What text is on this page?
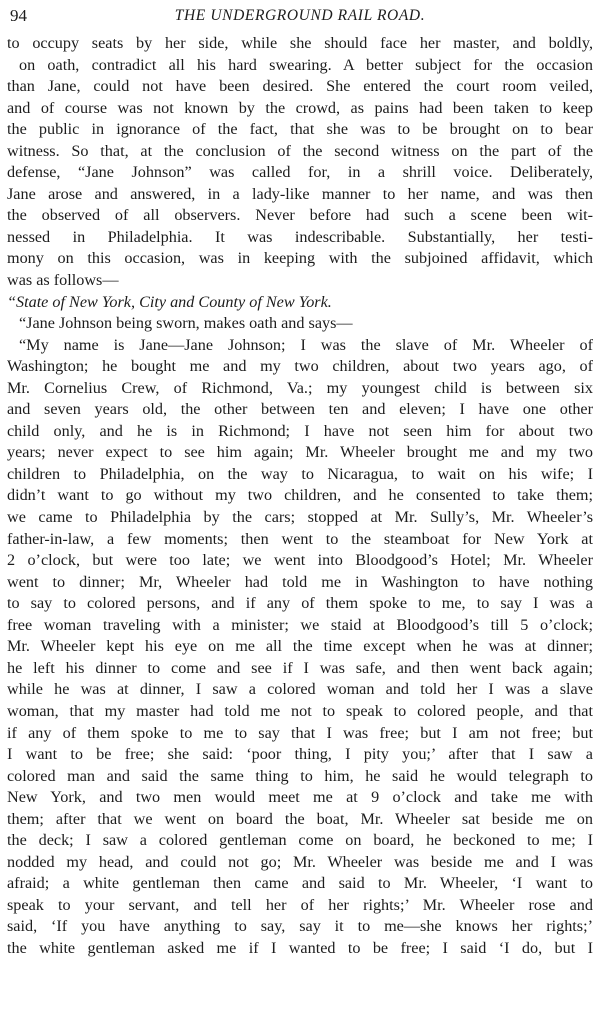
94	THE UNDERGROUND RAIL ROAD.
to occupy seats by her side, while she should face her master, and boldly,
on oath, contradict all his hard swearing. A better subject for the occasion
than Jane, could not have been desired. She entered the court room veiled,
and of course was not known by the crowd, as pains had been taken to keep
the public in ignorance of the fact, that she was to be brought on to bear
witness. So that, at the conclusion of the second witness on the part of the
defense, “Jane Johnson” was called for, in a shrill voice. Deliberately,
Jane arose and answered, in a lady-like manner to her name, and was then
the observed of all observers. Never before had such a scene been wit-
nessed in Philadelphia. It was indescribable. Substantially, her testi-
mony on this occasion, was in keeping with the subjoined affidavit, which
was as follows—
“State of New York, City and County of New York.
“Jane Johnson being sworn, makes oath and says—
“My name is Jane—Jane Johnson; I was the slave of Mr. Wheeler of
Washington; he bought me and my two children, about two years ago, of
Mr. Cornelius Crew, of Richmond, Va.; my youngest child is between six
and seven years old, the other between ten and eleven; I have one other
child only, and he is in Richmond; I have not seen him for about two
years; never expect to see him again; Mr. Wheeler brought me and my two
children to Philadelphia, on the way to Nicaragua, to wait on his wife; I
didn’t want to go without my two children, and he consented to take them;
we came to Philadelphia by the cars; stopped at Mr. Sully’s, Mr. Wheeler’s
father-in-law, a few moments; then went to the steamboat for New York at
2 o’clock, but were too late; we went into Bloodgood’s Hotel; Mr. Wheeler
went to dinner; Mr, Wheeler had told me in Washington to have nothing
to say to colored persons, and if any of them spoke to me, to say I was a
free woman traveling with a minister; we staid at Bloodgood’s till 5 o’clock;
Mr. Wheeler kept his eye on me all the time except when he was at dinner;
he left his dinner to come and see if I was safe, and then went back again;
while he was at dinner, I saw a colored woman and told her I was a slave
woman, that my master had told me not to speak to colored people, and that
if any of them spoke to me to say that I was free; but I am not free; but
I want to be free; she said: ‘poor thing, I pity you;’ after that I saw a
colored man and said the same thing to him, he said he would telegraph to
New York, and two men would meet me at 9 o’clock and take me with
them; after that we went on board the boat, Mr. Wheeler sat beside me on
the deck; I saw a colored gentleman come on board, he beckoned to me; I
nodded my head, and could not go; Mr. Wheeler was beside me and I was
afraid; a white gentleman then came and said to Mr. Wheeler, ‘I want to
speak to your servant, and tell her of her rights;’ Mr. Wheeler rose and
said, ‘If you have anything to say, say it to me—she knows her rights;’
the white gentleman asked me if I wanted to be free; I said ‘I do, but I
